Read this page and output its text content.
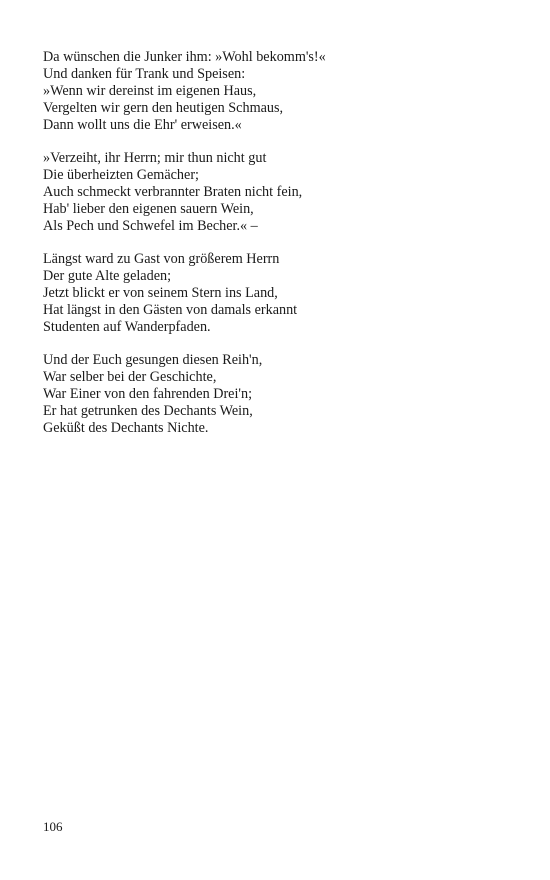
Da wünschen die Junker ihm: »Wohl bekomm's!«
Und danken für Trank und Speisen:
»Wenn wir dereinst im eigenen Haus,
Vergelten wir gern den heutigen Schmaus,
Dann wollt uns die Ehr' erweisen.«
»Verzeiht, ihr Herrn; mir thun nicht gut
Die überheizten Gemächer;
Auch schmeckt verbrannter Braten nicht fein,
Hab' lieber den eigenen sauern Wein,
Als Pech und Schwefel im Becher.« –
Längst ward zu Gast von größerem Herrn
Der gute Alte geladen;
Jetzt blickt er von seinem Stern ins Land,
Hat längst in den Gästen von damals erkannt
Studenten auf Wanderpfaden.
Und der Euch gesungen diesen Reih'n,
War selber bei der Geschichte,
War Einer von den fahrenden Drei'n;
Er hat getrunken des Dechants Wein,
Geküßt des Dechants Nichte.
106
